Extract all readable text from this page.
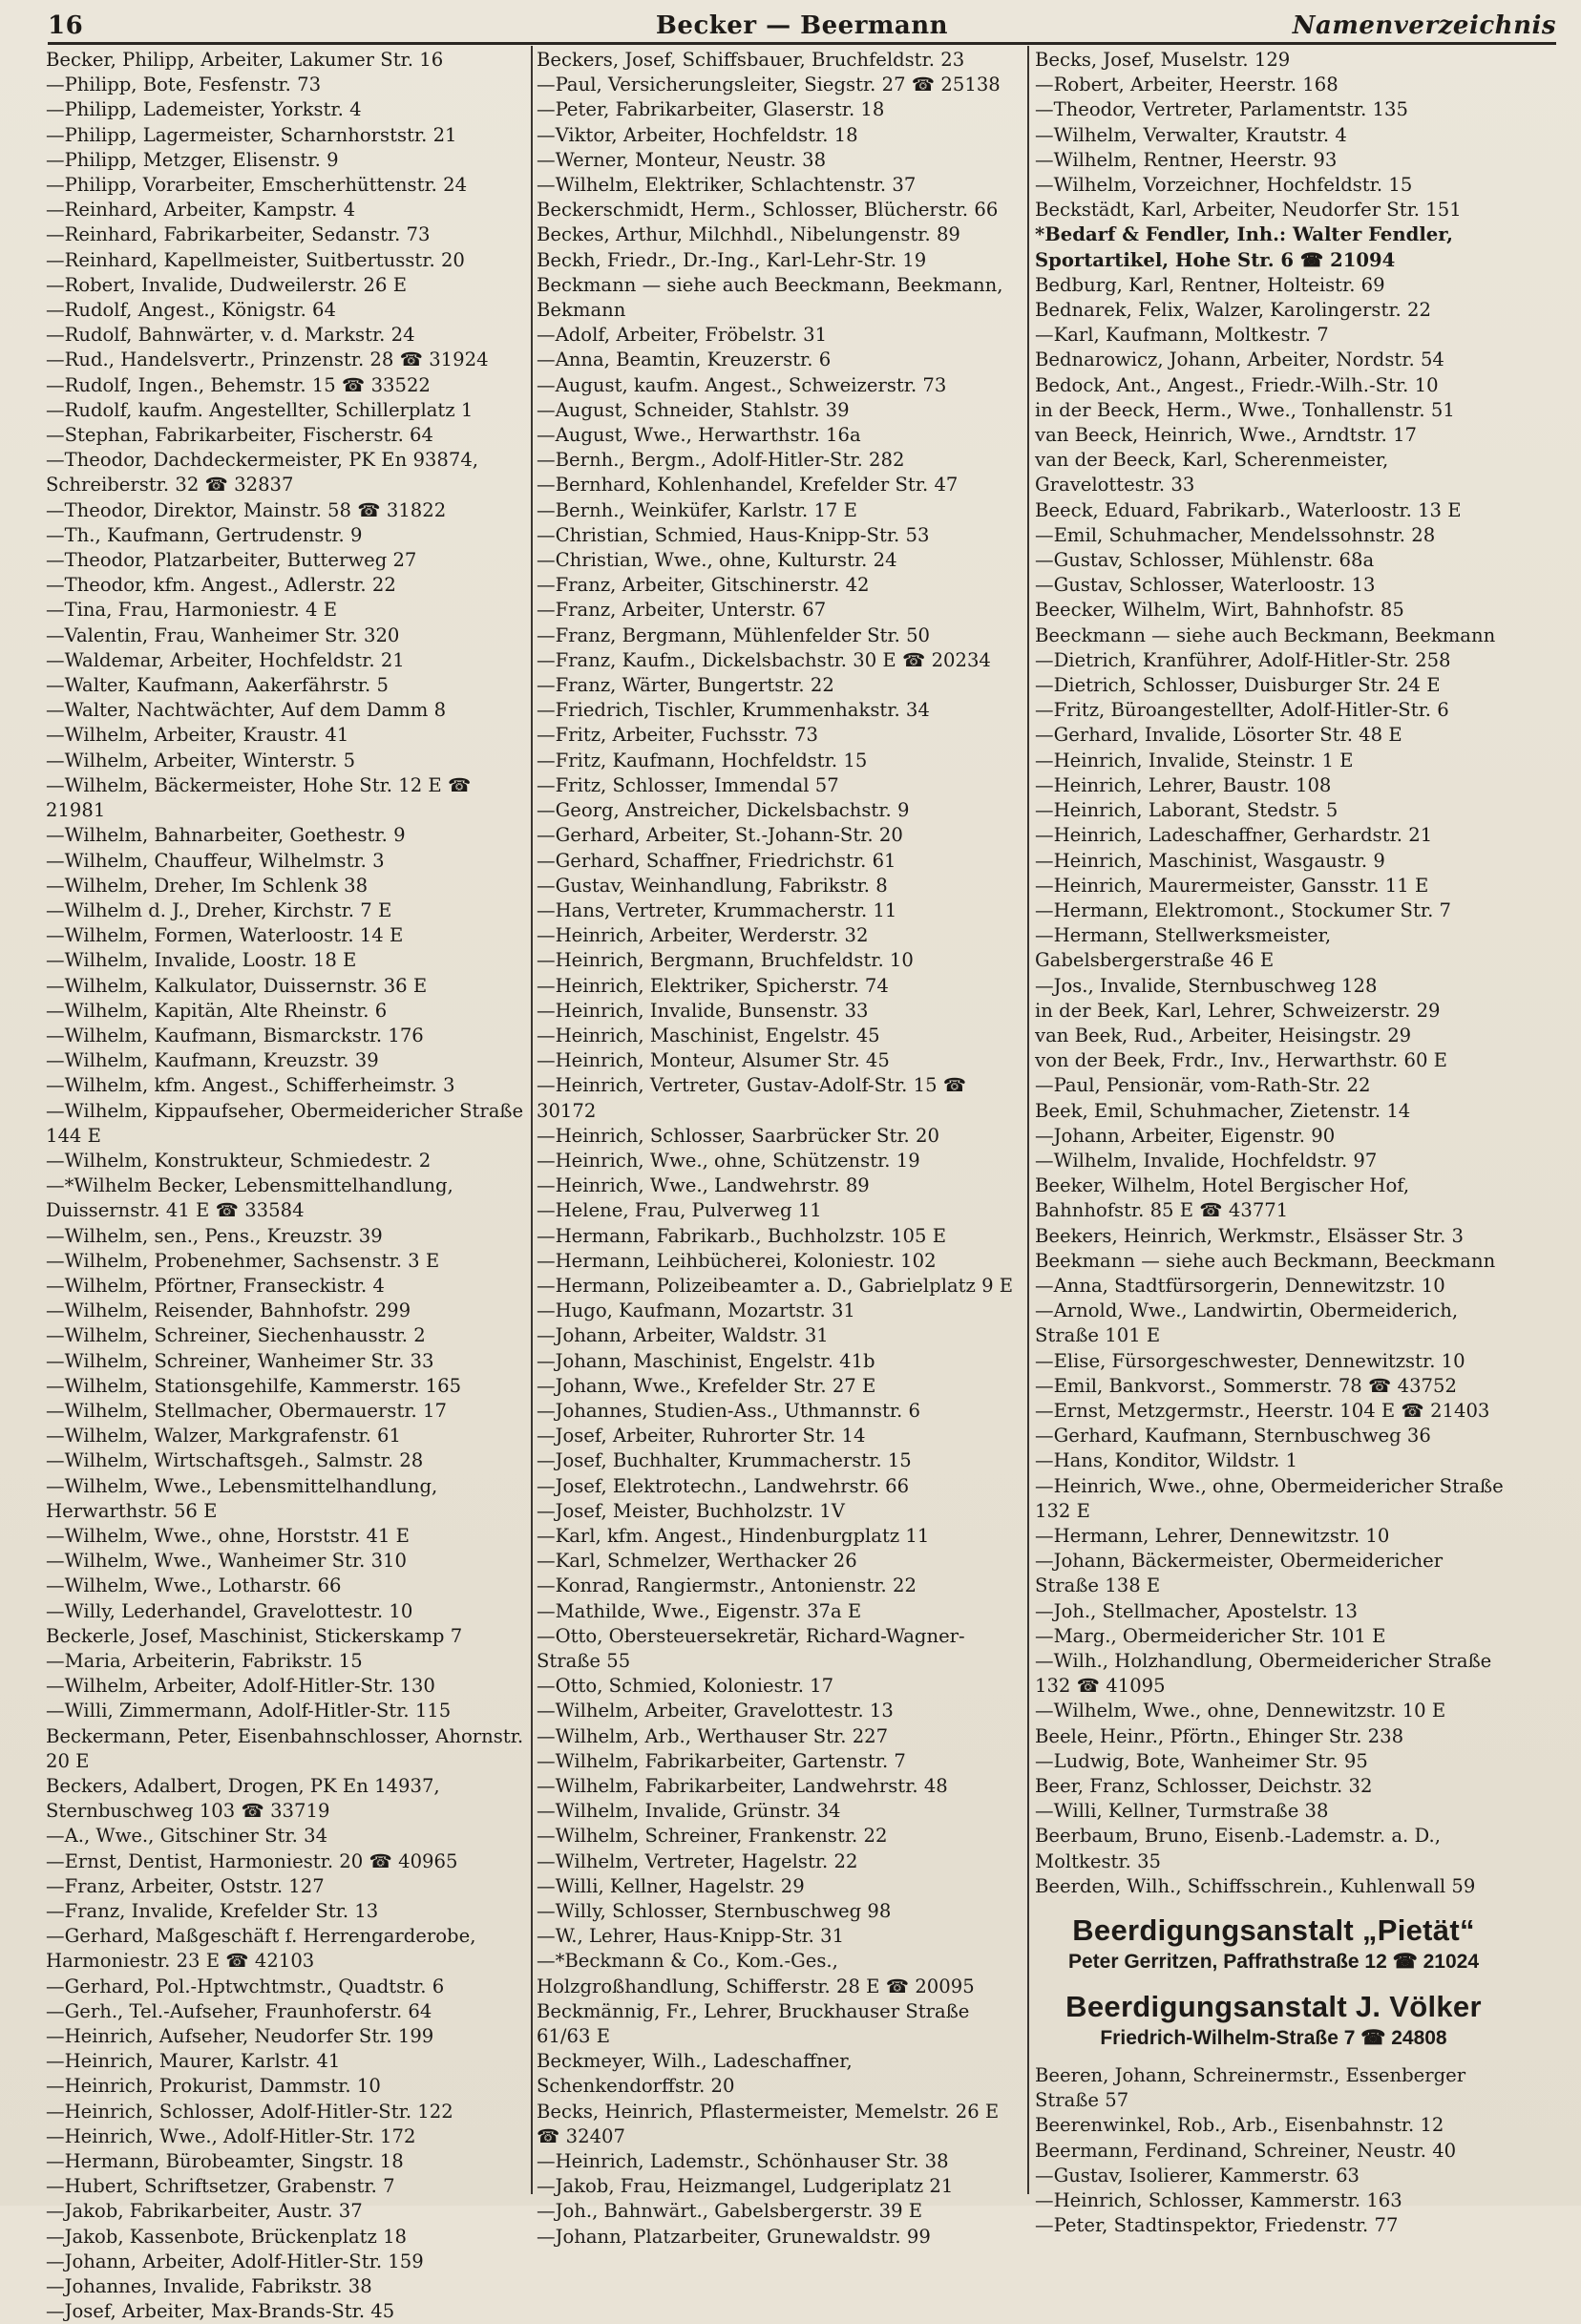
16	Becker — Beermann	Namenverzeichnis
Becker, Philipp, Arbeiter, Lakumer Str. 16
—Philipp, Bote, Fesfenstr. 73
—Philipp, Lademeister, Yorkstr. 4
—Philipp, Lagermeister, Scharnhorststr. 21
—Philipp, Metzger, Elisenstr. 9
—Philipp, Vorarbeiter, Emscherhüttenstr. 24
—Reinhard, Arbeiter, Kampstr. 4
—Reinhard, Fabrikarbeiter, Sedanstr. 73
—Reinhard, Kapellmeister, Suitbertusstr. 20
—Robert, Invalide, Dudweilerstr. 26 E
—Rudolf, Angest., Königstr. 64
—Rudolf, Bahnwärter, v. d. Markstr. 24
—Rud., Handelsvertr., Prinzenstr. 28 ☎ 31924
—Rudolf, Ingen., Behemstr. 15 ☎ 33522
—Rudolf, kaufm. Angestellter, Schillerplatz 1
—Stephan, Fabrikarbeiter, Fischerstr. 64
—Theodor, Dachdeckermeister, PK En 93874, Schreiberstr. 32 ☎ 32837
—Theodor, Direktor, Mainstr. 58 ☎ 31822
—Th., Kaufmann, Gertrudenstr. 9
—Theodor, Platzarbeiter, Butterweg 27
—Theodor, kfm. Angest., Adlerstr. 22
—Tina, Frau, Harmoniestr. 4 E
—Valentin, Frau, Wanheimer Str. 320
—Waldemar, Arbeiter, Hochfeldstr. 21
—Walter, Kaufmann, Aakerfährstr. 5
—Walter, Nachtwächter, Auf dem Damm 8
—Wilhelm, Arbeiter, Kraustr. 41
—Wilhelm, Arbeiter, Winterstr. 5
—Wilhelm, Bäckermeister, Hohe Str. 12 E ☎ 21981
—Wilhelm, Bahnarbeiter, Goethestr. 9
—Wilhelm, Chauffeur, Wilhelmstr. 3
—Wilhelm, Dreher, Im Schlenk 38
—Wilhelm d. J., Dreher, Kirchstr. 7 E
—Wilhelm, Formen, Waterloostr. 14 E
—Wilhelm, Invalide, Loostr. 18 E
—Wilhelm, Kalkulator, Duissernstr. 36 E
—Wilhelm, Kapitän, Alte Rheinstr. 6
—Wilhelm, Kaufmann, Bismarckstr. 176
—Wilhelm, Kaufmann, Kreuzstr. 39
—Wilhelm, kfm. Angest., Schifferheimstr. 3
—Wilhelm, Kippaufseher, Obermeidericher Straße 144 E
—Wilhelm, Konstrukteur, Schmiedestr. 2
—*Wilhelm Becker, Lebensmittelhandlung, Duissernstr. 41 E ☎ 33584
—Wilhelm, sen., Pens., Kreuzstr. 39
—Wilhelm, Probenehmer, Sachsenstr. 3 E
—Wilhelm, Pförtner, Franseckistr. 4
—Wilhelm, Reisender, Bahnhofstr. 299
—Wilhelm, Schreiner, Siechenhausstr. 2
—Wilhelm, Schreiner, Wanheimer Str. 33
—Wilhelm, Stationsgehilfe, Kammerstr. 165
—Wilhelm, Stellmacher, Obermauerstr. 17
—Wilhelm, Walzer, Markgrafenstr. 61
—Wilhelm, Wirtschaftsgeh., Salmstr. 28
—Wilhelm, Wwe., Lebensmittelhandlung, Herwarthstr. 56 E
—Wilhelm, Wwe., ohne, Horststr. 41 E
—Wilhelm, Wwe., Wanheimer Str. 310
—Wilhelm, Wwe., Lotharstr. 66
—Willy, Lederhandel, Gravelottestr. 10
Beckerle, Josef, Maschinist, Stickerskamp 7
—Maria, Arbeiterin, Fabrikstr. 15
—Wilhelm, Arbeiter, Adolf-Hitler-Str. 130
—Willi, Zimmermann, Adolf-Hitler-Str. 115
Beckermann, Peter, Eisenbahnschlosser, Ahornstr. 20 E
Beckers, Adalbert, Drogen, PK En 14937, Sternbuschweg 103 ☎ 33719
—A., Wwe., Gitschiner Str. 34
—Ernst, Dentist, Harmoniestr. 20 ☎ 40965
—Franz, Arbeiter, Oststr. 127
—Franz, Invalide, Krefelder Str. 13
—Gerhard, Maßgeschäft f. Herrengarderobe, Harmoniestr. 23 E ☎ 42103
—Gerhard, Pol.-Hptwchtmstr., Quadtstr. 6
—Gerh., Tel.-Aufseher, Fraunhoferstr. 64
—Heinrich, Aufseher, Neudorfer Str. 199
—Heinrich, Maurer, Karlstr. 41
—Heinrich, Prokurist, Dammstr. 10
—Heinrich, Schlosser, Adolf-Hitler-Str. 122
—Heinrich, Wwe., Adolf-Hitler-Str. 172
—Hermann, Bürobeamter, Singstr. 18
—Hubert, Schriftsetzer, Grabenstr. 7
—Jakob, Fabrikarbeiter, Austr. 37
—Jakob, Kassenbote, Brückenplatz 18
—Johann, Arbeiter, Adolf-Hitler-Str. 159
—Johannes, Invalide, Fabrikstr. 38
—Josef, Arbeiter, Max-Brands-Str. 45
Beckers, Josef, Schiffsbauer, Bruchfeldstr. 23
—Paul, Versicherungsleiter, Siegstr. 27 ☎ 25138
—Peter, Fabrikarbeiter, Glaserstr. 18
—Viktor, Arbeiter, Hochfeldstr. 18
—Werner, Monteur, Neustr. 38
—Wilhelm, Elektriker, Schlachtenstr. 37
Beckerschmidt, Herm., Schlosser, Blücherstr. 66
Beckes, Arthur, Milchhdl., Nibelungenstr. 89
Beckh, Friedr., Dr.-Ing., Karl-Lehr-Str. 19
Beckmann — siehe auch Beeckmann, Beekmann, Bekmann
—Adolf, Arbeiter, Fröbelstr. 31
—Anna, Beamtin, Kreuzerstr. 6
—August, kaufm. Angest., Schweizerstr. 73
—August, Schneider, Stahlstr. 39
—August, Wwe., Herwarthstr. 16a
—Bernh., Bergm., Adolf-Hitler-Str. 282
—Bernhard, Kohlenhandel, Krefelder Str. 47
—Bernh., Weinküfer, Karlstr. 17 E
—Christian, Schmied, Haus-Knipp-Str. 53
—Christian, Wwe., ohne, Kulturstr. 24
—Franz, Arbeiter, Gitschinerstr. 42
—Franz, Arbeiter, Unterstr. 67
—Franz, Bergmann, Mühlenfelder Str. 50
—Franz, Kaufm., Dickelsbachstr. 30 E ☎ 20234
—Franz, Wärter, Bungertstr. 22
—Friedrich, Tischler, Krummenhakstr. 34
—Fritz, Arbeiter, Fuchsstr. 73
—Fritz, Kaufmann, Hochfeldstr. 15
—Fritz, Schlosser, Immendal 57
—Georg, Anstreicher, Dickelsbachstr. 9
—Gerhard, Arbeiter, St.-Johann-Str. 20
—Gerhard, Schaffner, Friedrichstr. 61
—Gustav, Weinhandlung, Fabrikstr. 8
—Hans, Vertreter, Krummacherstr. 11
—Heinrich, Arbeiter, Werderstr. 32
—Heinrich, Bergmann, Bruchfeldstr. 10
—Heinrich, Elektriker, Spicherstr. 74
—Heinrich, Invalide, Bunsenstr. 33
—Heinrich, Maschinist, Engelstr. 45
—Heinrich, Monteur, Alsumer Str. 45
—Heinrich, Vertreter, Gustav-Adolf-Str. 15 ☎ 30172
—Heinrich, Schlosser, Saarbrücker Str. 20
—Heinrich, Wwe., ohne, Schützenstr. 19
—Heinrich, Wwe., Landwehrstr. 89
—Helene, Frau, Pulverweg 11
—Hermann, Fabrikarb., Buchholzstr. 105 E
—Hermann, Leihbücherei, Koloniestr. 102
—Hermann, Polizeibeamter a. D., Gabrielplatz 9 E
—Hugo, Kaufmann, Mozartstr. 31
—Johann, Arbeiter, Waldstr. 31
—Johann, Maschinist, Engelstr. 41b
—Johann, Wwe., Krefelder Str. 27 E
—Johannes, Studien-Ass., Uthmannstr. 6
—Josef, Arbeiter, Ruhrorter Str. 14
—Josef, Buchhalter, Krummacherstr. 15
—Josef, Elektrotechn., Landwehrstr. 66
—Josef, Meister, Buchholzstr. 1V
—Karl, kfm. Angest., Hindenburgplatz 11
—Karl, Schmelzer, Werthacker 26
—Konrad, Rangiermstr., Antonienstr. 22
—Mathilde, Wwe., Eigenstr. 37a E
—Otto, Obersteuersekretär, Richard-Wagner-Straße 55
—Otto, Schmied, Koloniestr. 17
—Wilhelm, Arbeiter, Gravelottestr. 13
—Wilhelm, Arb., Werthauser Str. 227
—Wilhelm, Fabrikarbeiter, Gartenstr. 7
—Wilhelm, Fabrikarbeiter, Landwehrstr. 48
—Wilhelm, Invalide, Grünstr. 34
—Wilhelm, Schreiner, Frankenstr. 22
—Wilhelm, Vertreter, Hagelstr. 22
—Willi, Kellner, Hagelstr. 29
—Willy, Schlosser, Sternbuschweg 98
—W., Lehrer, Haus-Knipp-Str. 31
—*Beckmann & Co., Kom.-Ges., Holzgroßhandlung, Schifferstr. 28 E ☎ 20095
Beckmännig, Fr., Lehrer, Bruckhauser Straße 61/63 E
Beckmeyer, Wilh., Ladeschaffner, Schenkendorffstr. 20
Becks, Heinrich, Pflastermeister, Memelstr. 26 E ☎ 32407
—Heinrich, Lademstr., Schönhauser Str. 38
—Jakob, Frau, Heizmangel, Ludgeriplatz 21
—Joh., Bahnwärt., Gabelsbergerstr. 39 E
—Johann, Platzarbeiter, Grunewaldstr. 99
Becks, Josef, Muselstr. 129
—Robert, Arbeiter, Heerstr. 168
—Theodor, Vertreter, Parlamentstr. 135
—Wilhelm, Verwalter, Krautstr. 4
—Wilhelm, Rentner, Heerstr. 93
—Wilhelm, Vorzeichner, Hochfeldstr. 15
Beckstädt, Karl, Arbeiter, Neudorfer Str. 151
*Bedarf & Fendler, Inh.: Walter Fendler, Sportartikel, Hohe Str. 6 ☎ 21094
Bedburg, Karl, Rentner, Holteistr. 69
Bednarek, Felix, Walzer, Karolingerstr. 22
—Karl, Kaufmann, Moltkestr. 7
Bednarowicz, Johann, Arbeiter, Nordstr. 54
Bedock, Ant., Angest., Friedr.-Wilh.-Str. 10
in der Beeck, Herm., Wwe., Tonhallenstr. 51
van Beeck, Heinrich, Wwe., Arndtstr. 17
van der Beeck, Karl, Scherenmeister, Gravelottestr. 33
Beeck, Eduard, Fabrikarb., Waterloostr. 13 E
—Emil, Schuhmacher, Mendelssohnstr. 28
—Gustav, Schlosser, Mühlenstr. 68a
—Gustav, Schlosser, Waterloostr. 13
Beecker, Wilhelm, Wirt, Bahnhofstr. 85
Beeckmann — siehe auch Beckmann, Beekmann
—Dietrich, Kranführer, Adolf-Hitler-Str. 258
—Dietrich, Schlosser, Duisburger Str. 24 E
—Fritz, Büroangestellter, Adolf-Hitler-Str. 6
—Gerhard, Invalide, Lösorter Str. 48 E
—Heinrich, Invalide, Steinstr. 1 E
—Heinrich, Lehrer, Baustr. 108
—Heinrich, Laborant, Stedstr. 5
—Heinrich, Ladeschaffner, Gerhardstr. 21
—Heinrich, Maschinist, Wasgaustr. 9
—Heinrich, Maurermeister, Gansstr. 11 E
—Hermann, Elektromont., Stockumer Str. 7
—Hermann, Stellwerksmeister, Gabelsbergerstraße 46 E
—Jos., Invalide, Sternbuschweg 128
in der Beek, Karl, Lehrer, Schweizerstr. 29
van Beek, Rud., Arbeiter, Heisingstr. 29
von der Beek, Frdr., Inv., Herwarthstr. 60 E
—Paul, Pensionär, vom-Rath-Str. 22
Beek, Emil, Schuhmacher, Zietenstr. 14
—Johann, Arbeiter, Eigenstr. 90
—Wilhelm, Invalide, Hochfeldstr. 97
Beeker, Wilhelm, Hotel Bergischer Hof, Bahnhofstr. 85 E ☎ 43771
Beekers, Heinrich, Werkmstr., Elsässer Str. 3
Beekmann — siehe auch Beckmann, Beeckmann
—Anna, Stadtfürsorgerin, Dennewitzstr. 10
—Arnold, Wwe., Landwirtin, Obermeiderich, Straße 101 E
—Elise, Fürsorgeschwester, Dennewitzstr. 10
—Emil, Bankvorst., Sommerstr. 78 ☎ 43752
—Ernst, Metzgermstr., Heerstr. 104 E ☎ 21403
—Gerhard, Kaufmann, Sternbuschweg 36
—Hans, Konditor, Wildstr. 1
—Heinrich, Wwe., ohne, Obermeidericher Straße 132 E
—Hermann, Lehrer, Dennewitzstr. 10
—Johann, Bäckermeister, Obermeidericher Straße 138 E
—Joh., Stellmacher, Apostelstr. 13
—Marg., Obermeidericher Str. 101 E
—Wilh., Holzhandlung, Obermeidericher Straße 132 ☎ 41095
—Wilhelm, Wwe., ohne, Dennewitzstr. 10 E
Beele, Heinr., Pförtn., Ehinger Str. 238
—Ludwig, Bote, Wanheimer Str. 95
Beer, Franz, Schlosser, Deichstr. 32
—Willi, Kellner, Turmstraße 38
Beerbaum, Bruno, Eisenb.-Lademstr. a. D., Moltkestr. 35
Beerden, Wilh., Schiffsschrein., Kuhlenwall 59
Beerdigungsanstalt „Pietät“
Peter Gerritzen, Paffrathstraße 12 ☎ 21024
Beerdigungsanstalt J. Völker
Friedrich-Wilhelm-Straße 7 ☎ 24808
Beeren, Johann, Schreinermstr., Essenberger Straße 57
Beerenwinkel, Rob., Arb., Eisenbahnstr. 12
Beermann, Ferdinand, Schreiner, Neustr. 40
—Gustav, Isolierer, Kammerstr. 63
—Heinrich, Schlosser, Kammerstr. 163
—Peter, Stadtinspektor, Friedenstr. 77
